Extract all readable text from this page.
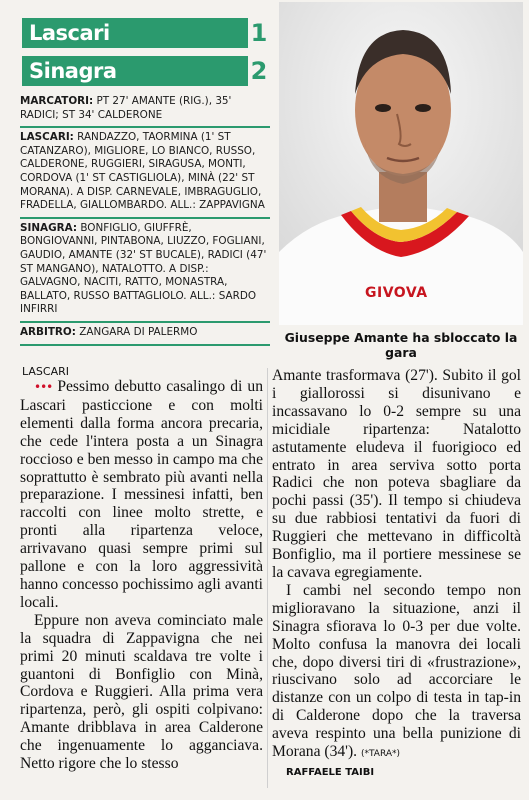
Lascari	1
Sinagra	2
MARCATORI: PT 27' AMANTE (RIG.), 35' RADICI; ST 34' CALDERONE
LASCARI: RANDAZZO, TAORMINA (1' ST CATANZARO), MIGLIORE, LO BIANCO, RUSSO, CALDERONE, RUGGIERI, SIRAGUSA, MONTI, CORDOVA (1' ST CASTIGLIOLA), MINÀ (22' ST MORANA). A DISP. CARNEVALE, IMBRAGUGLIO, FRADELLA, GIALLOMBARDO. ALL.: ZAPPAVIGNA
SINAGRA: BONFIGLIO, GIUFFRÈ, BONGIOVANNI, PINTABONA, LIUZZO, FOGLIANI, GAUDIO, AMANTE (32' ST BUCALE), RADICI (47' ST MANGANO), NATALOTTO. A DISP.: GALVAGNO, NACITI, RATTO, MONASTRA, BALLATO, RUSSO BATTAGLIOLO. ALL.: SARDO INFIRRI
ARBITRO: ZANGARA DI PALERMO
GIVOVA
Giuseppe Amante ha sbloccato la gara
LASCARI

••• Pessimo debutto casalingo di un Lascari pasticcione e con molti elementi dalla forma ancora precaria, che cede l'intera posta a un Sinagra roccioso e ben messo in campo ma che soprattutto è sembrato più avanti nella preparazione. I messinesi infatti, ben raccolti con linee molto strette, e pronti alla ripartenza veloce, arrivavano quasi sempre primi sul pallone e con la loro aggressività hanno concesso pochissimo agli avanti locali.

Eppure non aveva cominciato male la squadra di Zappavigna che nei primi 20 minuti scaldava tre volte i guantoni di Bonfiglio con Minà, Cordova e Ruggieri. Alla prima vera ripartenza, però, gli ospiti colpivano: Amante dribblava in area Calderone che ingenuamente lo agganciava. Netto rigore che lo stesso

Amante trasformava (27'). Subito il gol i giallorossi si disunivano e incassavano lo 0-2 sempre su una micidiale ripartenza: Natalotto astutamente eludeva il fuorigioco ed entrato in area serviva sotto porta Radici che non poteva sbagliare da pochi passi (35'). Il tempo si chiudeva su due rabbiosi tentativi da fuori di Ruggieri che mettevano in difficoltà Bonfiglio, ma il portiere messinese se la cavava egregiamente.

I cambi nel secondo tempo non miglioravano la situazione, anzi il Sinagra sfiorava lo 0-3 per due volte. Molto confusa la manovra dei locali che, dopo diversi tiri di «frustrazione», riuscivano solo ad accorciare le distanze con un colpo di testa in tap-in di Calderone dopo che la traversa aveva respinto una bella punizione di Morana (34'). (*TARA*)

RAFFAELE TAIBI
